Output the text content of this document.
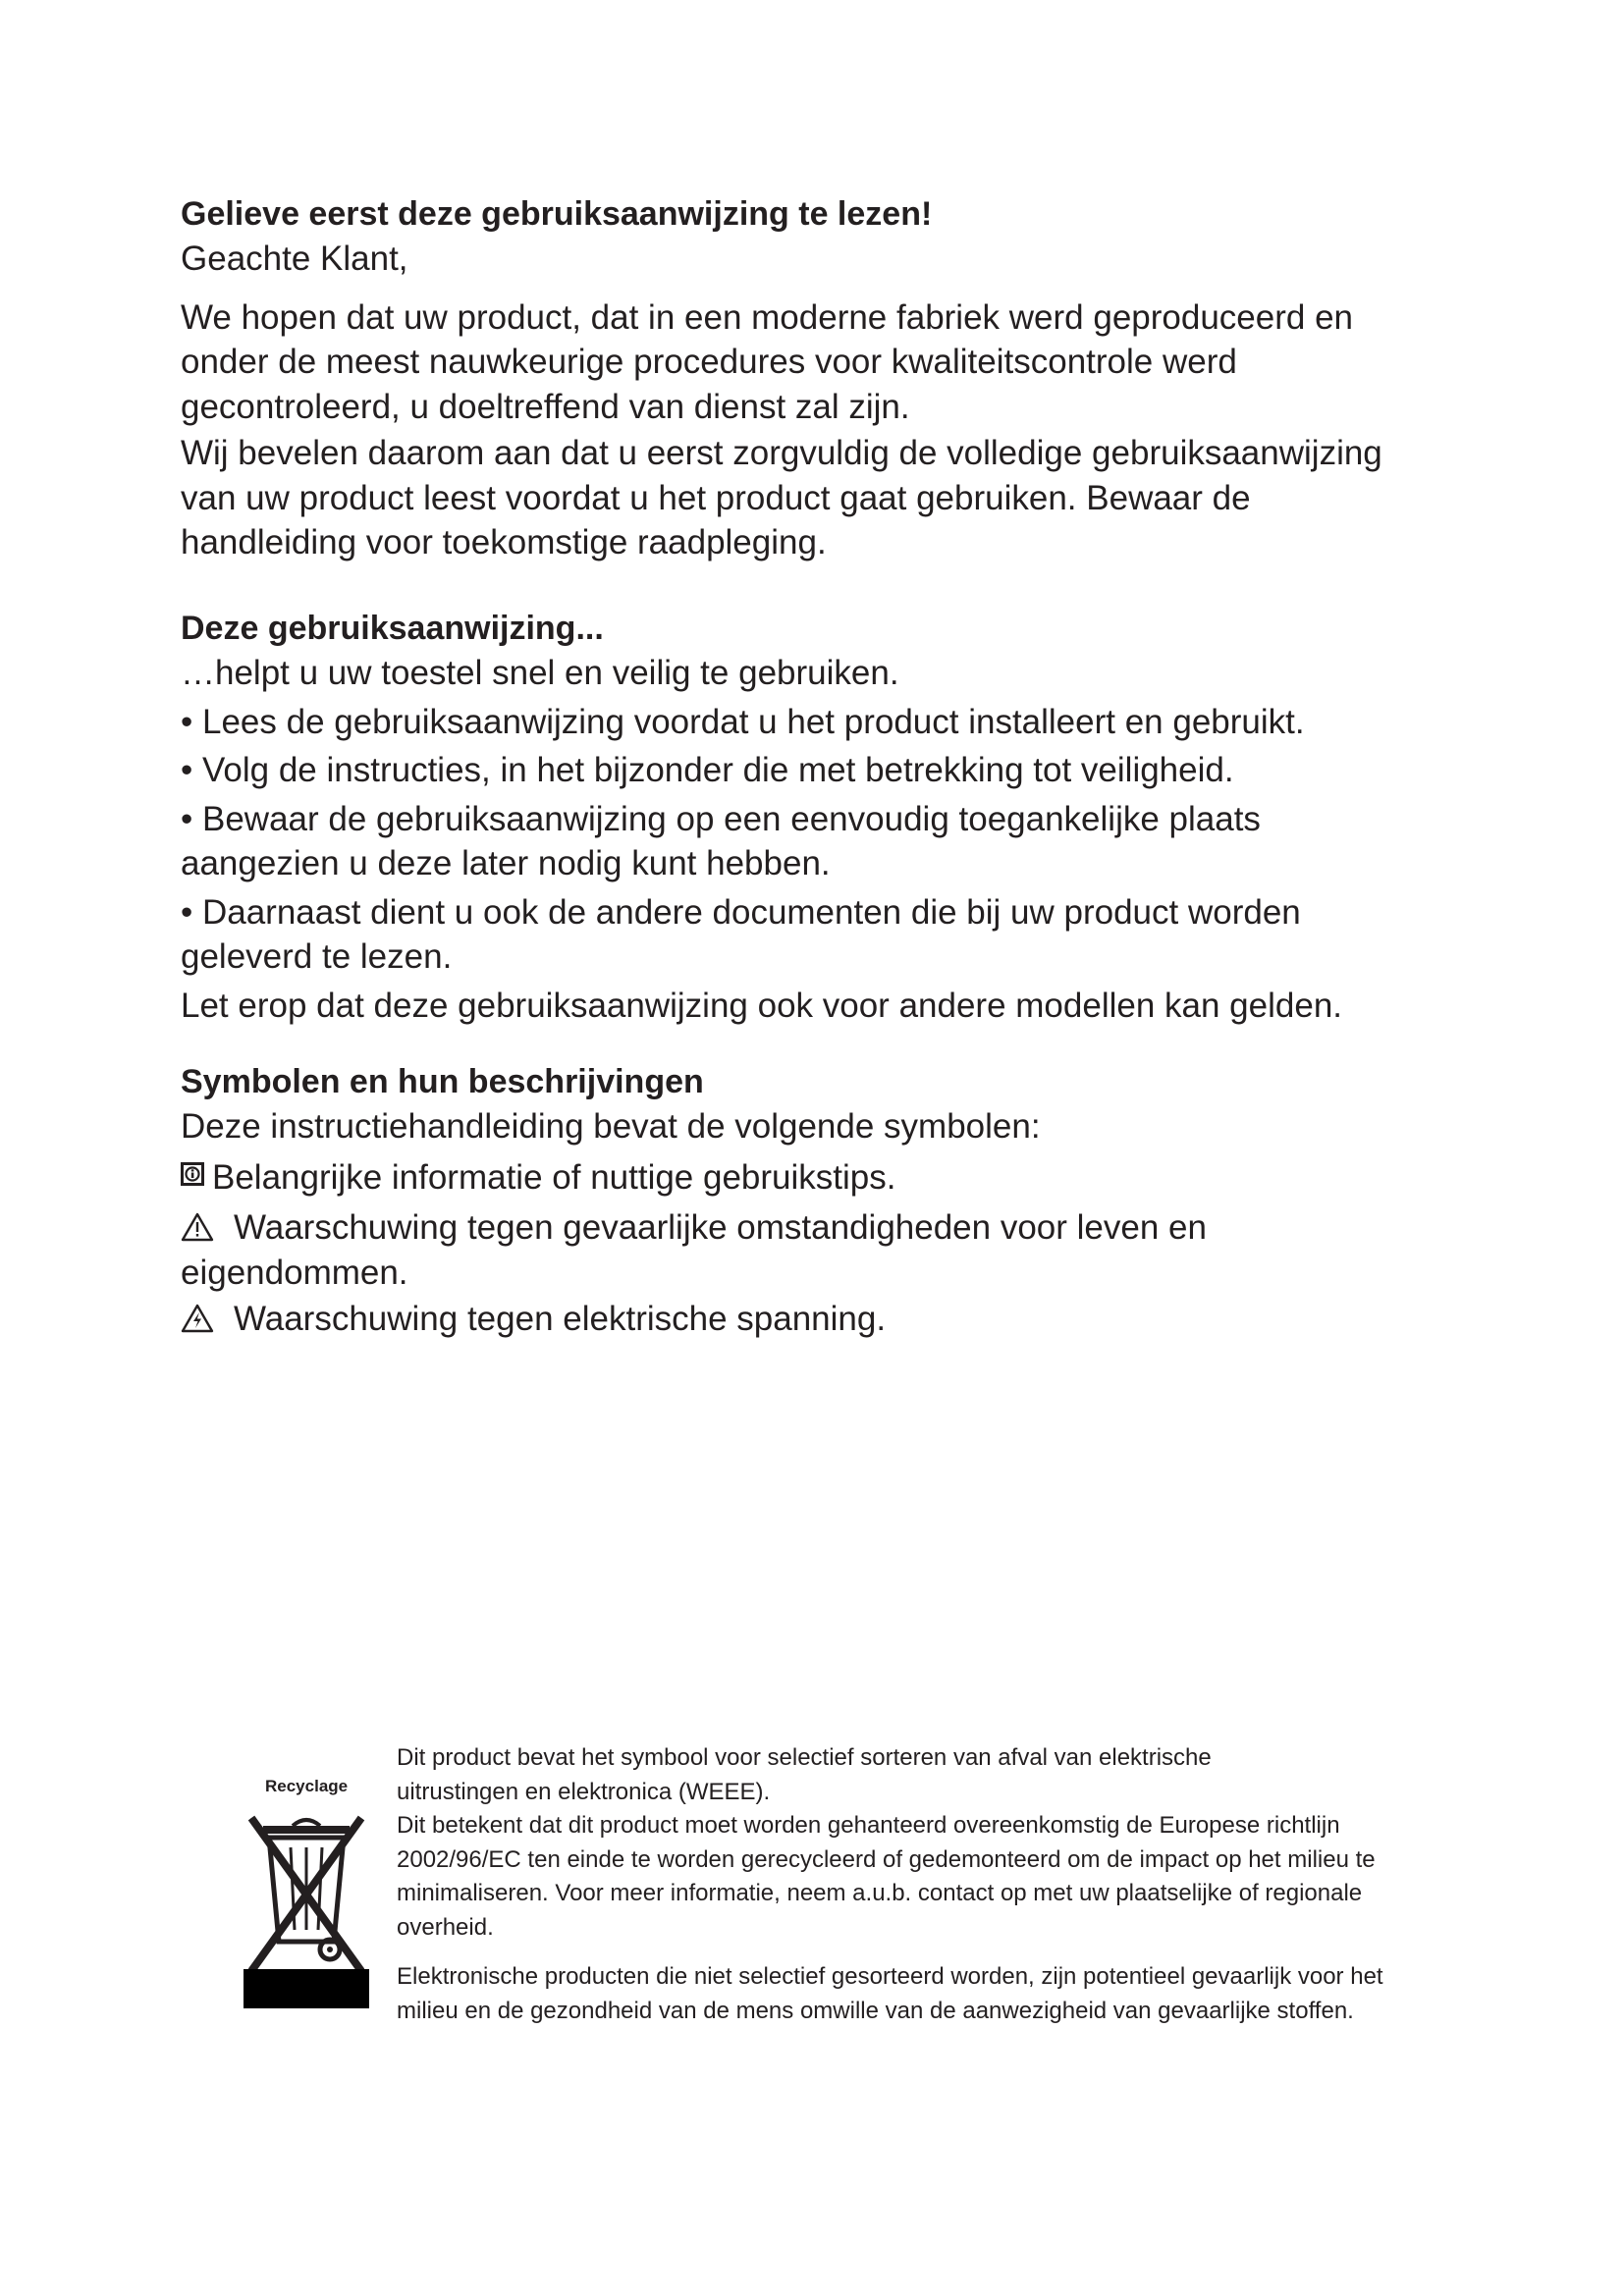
Gelieve eerst deze gebruiksaanwijzing te lezen!

Geachte Klant,

We hopen dat uw product, dat in een moderne fabriek werd geproduceerd en onder de meest nauwkeurige procedures voor kwaliteitscontrole werd gecontroleerd, u doeltreffend van dienst zal zijn.

Wij bevelen daarom aan dat u eerst zorgvuldig de volledige gebruiksaanwijzing van uw product leest voordat u het product gaat gebruiken. Bewaar de handleiding voor toekomstige raadpleging.

Deze gebruiksaanwijzing...

…helpt u uw toestel snel en veilig te gebruiken.

• Lees de gebruiksaanwijzing voordat u het product installeert en gebruikt.

• Volg de instructies, in het bijzonder die met betrekking tot veiligheid.

• Bewaar de gebruiksaanwijzing op een eenvoudig toegankelijke plaats aangezien u deze later nodig kunt hebben.

• Daarnaast dient u ook de andere documenten die bij uw product worden geleverd te lezen.

Let erop dat deze gebruiksaanwijzing ook voor andere modellen kan gelden.

Symbolen en hun beschrijvingen

Deze instructiehandleiding bevat de volgende symbolen:

Belangrijke informatie of nuttige gebruikstips.

Waarschuwing tegen gevaarlijke omstandigheden voor leven en eigendommen.

Waarschuwing tegen elektrische spanning.

Recyclage

Dit product bevat het symbool voor selectief sorteren van afval van elektrische uitrustingen en elektronica (WEEE).

Dit betekent dat dit product moet worden gehanteerd overeenkomstig de Europese richtlijn 2002/96/EC ten einde te worden gerecycleerd of gedemonteerd om de impact op het milieu te minimaliseren. Voor meer informatie, neem a.u.b. contact op met uw plaatselijke of regionale overheid.

Elektronische producten die niet selectief gesorteerd worden, zijn potentieel gevaarlijk voor het milieu en de gezondheid van de mens omwille van de aanwezigheid van gevaarlijke stoffen.
